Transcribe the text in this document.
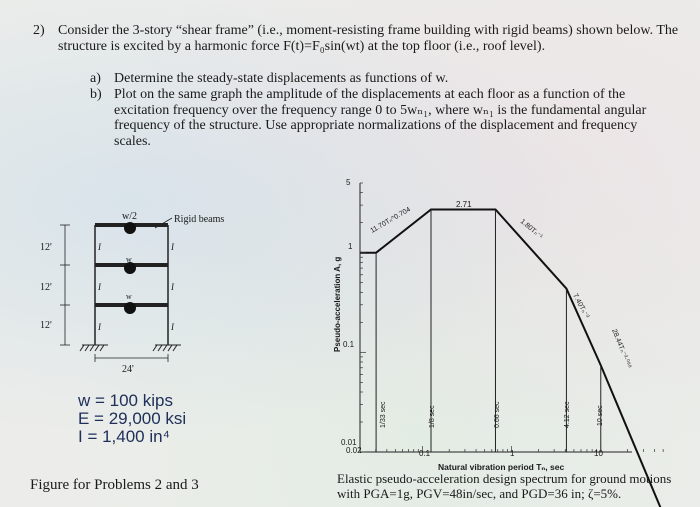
2) Consider the 3-story “shear frame” (i.e., moment-resisting frame building with rigid beams) shown below. The structure is excited by a harmonic force F(t)=F₀sin(wt) at the top floor (i.e., roof level).
a) Determine the steady-state displacements as functions of w.
b) Plot on the same graph the amplitude of the displacements at each floor as a function of the excitation frequency over the frequency range 0 to 5wₙ₁, where wₙ₁ is the fundamental angular frequency of the structure. Use appropriate normalizations of the displacement and frequency scales.
w/2	Rigid beams
w
w
12'
12'
12'
I	I
I	I
I	I
24'
5
1
0.1
0.01
0.02	0.1	1	10
2.71
Pseudo-acceleration A, g
11.70Tₙ^0.704	1.80Tₙ⁻¹
7.40Tₙ⁻²
28.44Tₙ⁻²·⁰⁸⁸
1/33 sec	1/8 sec	0.66 sec	4.12 sec	10 sec
w = 100 kips
E = 29,000 ksi
I = 1,400 in⁴
Figure for Problems 2 and 3
Natural vibration period Tₙ, sec
Elastic pseudo-acceleration design spectrum for ground motions
with PGA=1g, PGV=48in/sec, and PGD=36 in; ζ=5%.
